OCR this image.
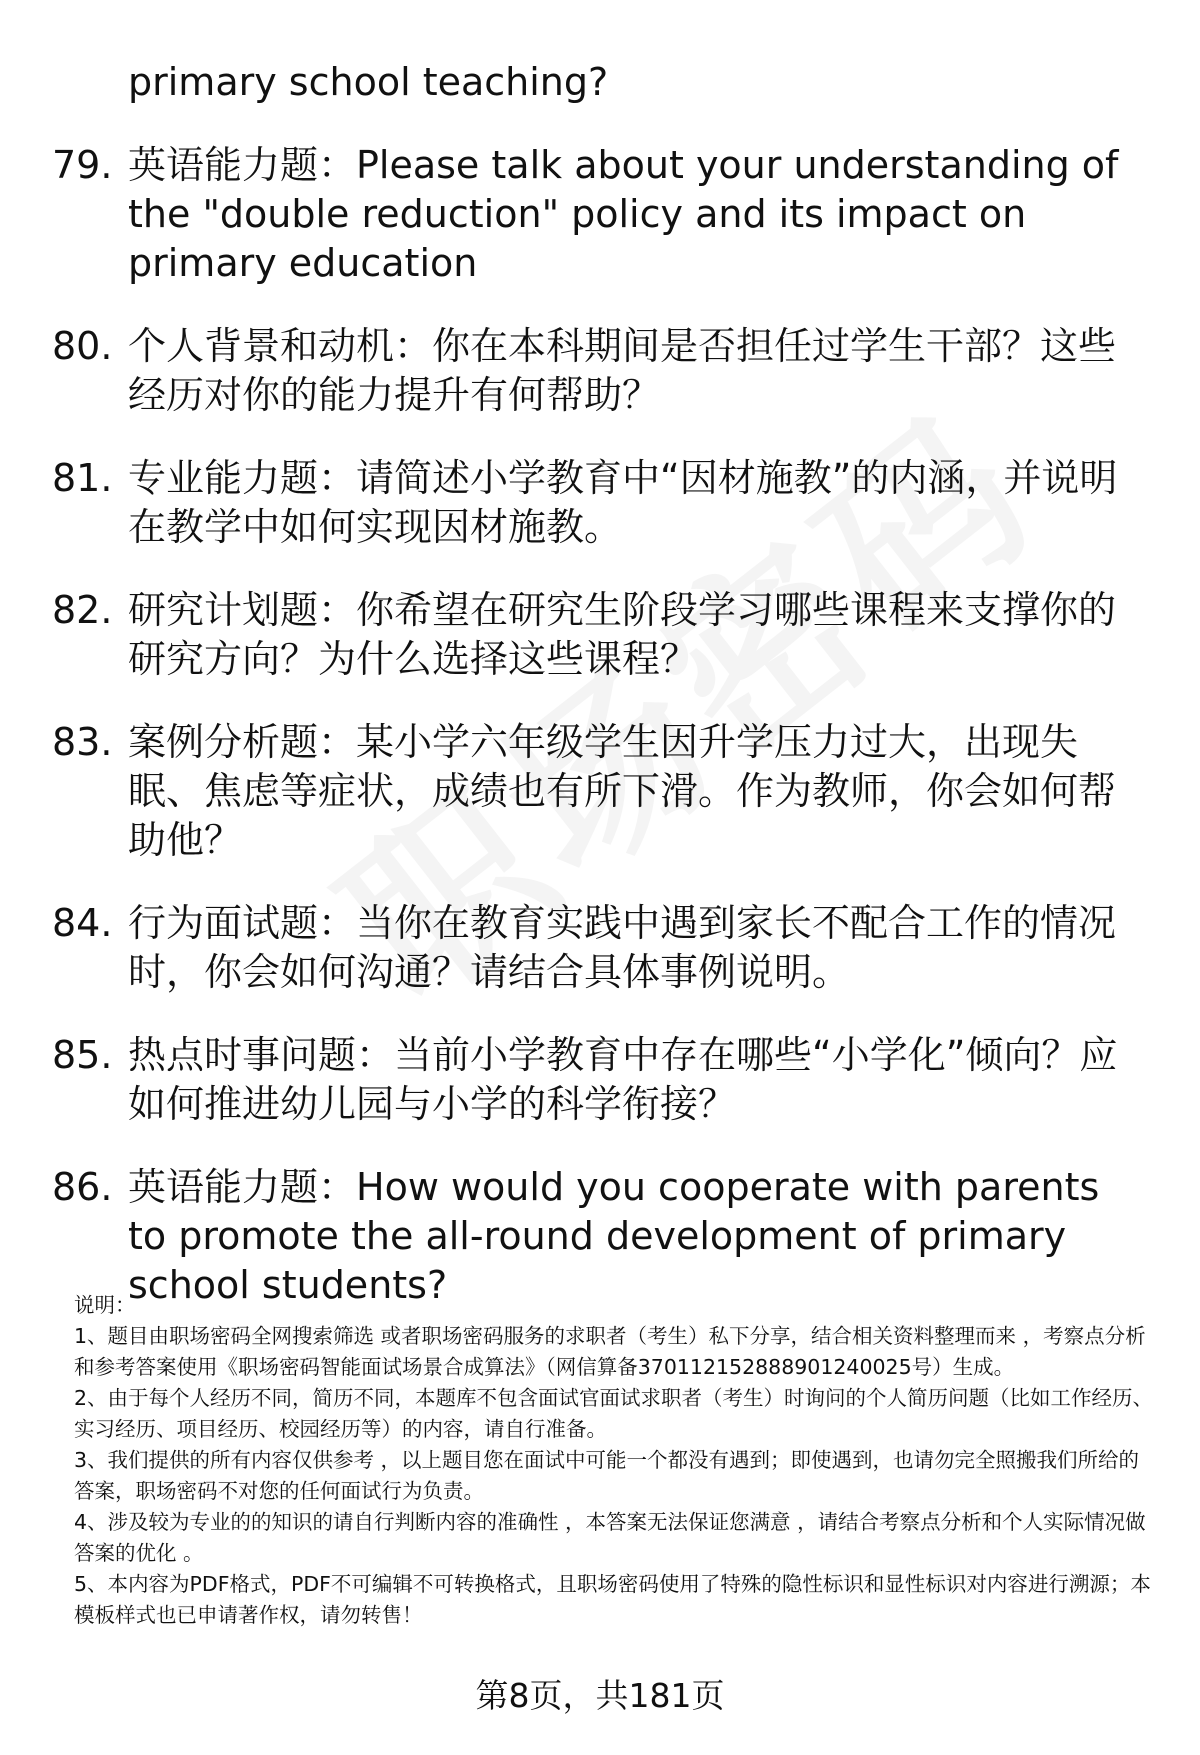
primary school teaching?
79. 英语能力题：Please talk about your understanding of the "double reduction" policy and its impact on primary education
80. 个人背景和动机：你在本科期间是否担任过学生干部？这些经历对你的能力提升有何帮助？
81. 专业能力题：请简述小学教育中“因材施教”的内涵，并说明在教学中如何实现因材施教。
82. 研究计划题：你希望在研究生阶段学习哪些课程来支撑你的研究方向？为什么选择这些课程？
83. 案例分析题：某小学六年级学生因升学压力过大，出现失眠、焦虑等症状，成绩也有所下滑。作为教师，你会如何帮助他？
84. 行为面试题：当你在教育实践中遇到家长不配合工作的情况时，你会如何沟通？请结合具体事例说明。
85. 热点时事问题：当前小学教育中存在哪些“小学化”倾向？应如何推进幼儿园与小学的科学衔接？
86. 英语能力题：How would you cooperate with parents to promote the all-round development of primary school students?

说明：

1、题目由职场密码全网搜索筛选 或者职场密码服务的求职者（考生）私下分享，结合相关资料整理而来 ，考察点分析和参考答案使用《职场密码智能面试场景合成算法》（网信算备370112152888901240025号）生成。

2、由于每个人经历不同，简历不同，本题库不包含面试官面试求职者（考生）时询问的个人简历问题（比如工作经历、实习经历、项目经历、校园经历等）的内容，请自行准备。

3、我们提供的所有内容仅供参考 ，以上题目您在面试中可能一个都没有遇到；即使遇到，也请勿完全照搬我们所给的答案，职场密码不对您的任何面试行为负责。

4、涉及较为专业的的知识的请自行判断内容的准确性 ，本答案无法保证您满意 ，请结合考察点分析和个人实际情况做答案的优化 。

5、本内容为PDF格式，PDF不可编辑不可转换格式，且职场密码使用了特殊的隐性标识和显性标识对内容进行溯源；本模板样式也已申请著作权，请勿转售！

第8页，共181页
